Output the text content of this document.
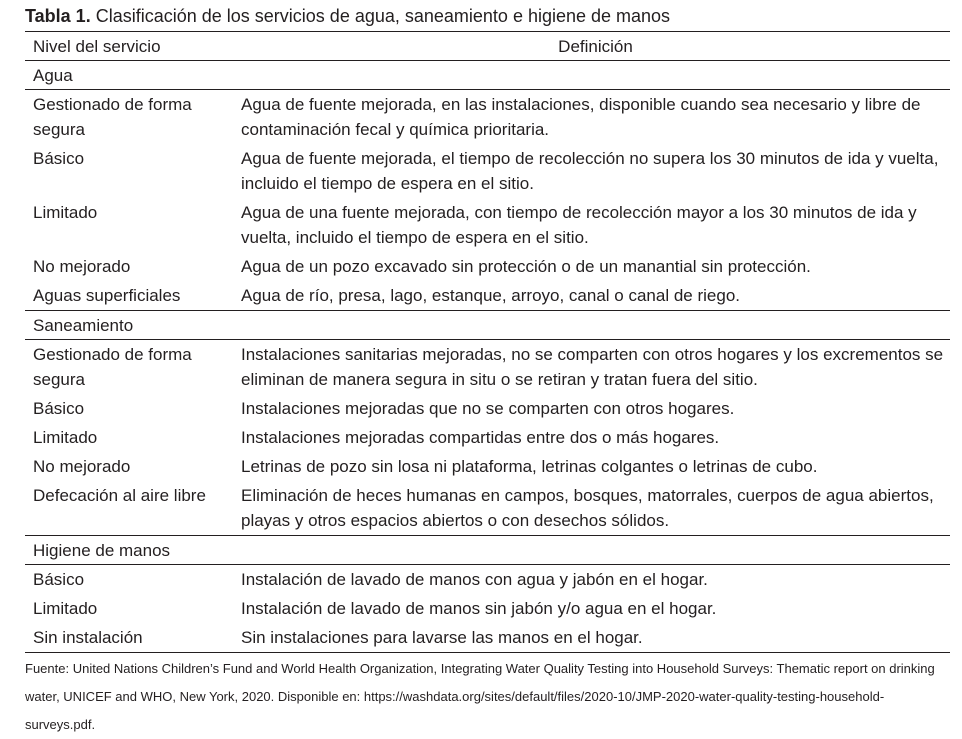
Tabla 1. Clasificación de los servicios de agua, saneamiento e higiene de manos
Nivel del servicio	Definición
Agua	
Gestionado de forma segura	Agua de fuente mejorada, en las instalaciones, disponible cuando sea necesario y libre de contaminación fecal y química prioritaria.
Básico	Agua de fuente mejorada, el tiempo de recolección no supera los 30 minutos de ida y vuelta, incluido el tiempo de espera en el sitio.
Limitado	Agua de una fuente mejorada, con tiempo de recolección mayor a los 30 minutos de ida y vuelta, incluido el tiempo de espera en el sitio.
No mejorado	Agua de un pozo excavado sin protección o de un manantial sin protección.
Aguas superficiales	Agua de río, presa, lago, estanque, arroyo, canal o canal de riego.
Saneamiento	
Gestionado de forma segura	Instalaciones sanitarias mejoradas, no se comparten con otros hogares y los excrementos se eliminan de manera segura in situ o se retiran y tratan fuera del sitio.
Básico	Instalaciones mejoradas que no se comparten con otros hogares.
Limitado	Instalaciones mejoradas compartidas entre dos o más hogares.
No mejorado	Letrinas de pozo sin losa ni plataforma, letrinas colgantes o letrinas de cubo.
Defecación al aire libre	Eliminación de heces humanas en campos, bosques, matorrales, cuerpos de agua abiertos, playas y otros espacios abiertos o con desechos sólidos.
Higiene de manos	
Básico	Instalación de lavado de manos con agua y jabón en el hogar.
Limitado	Instalación de lavado de manos sin jabón y/o agua en el hogar.
Sin instalación	Sin instalaciones para lavarse las manos en el hogar.
Fuente: United Nations Children’s Fund and World Health Organization, Integrating Water Quality Testing into Household Surveys: Thematic report on drinking water, UNICEF and WHO, New York, 2020. Disponible en: https://washdata.org/sites/default/files/2020-10/JMP-2020-water-quality-testing-household-surveys.pdf.
